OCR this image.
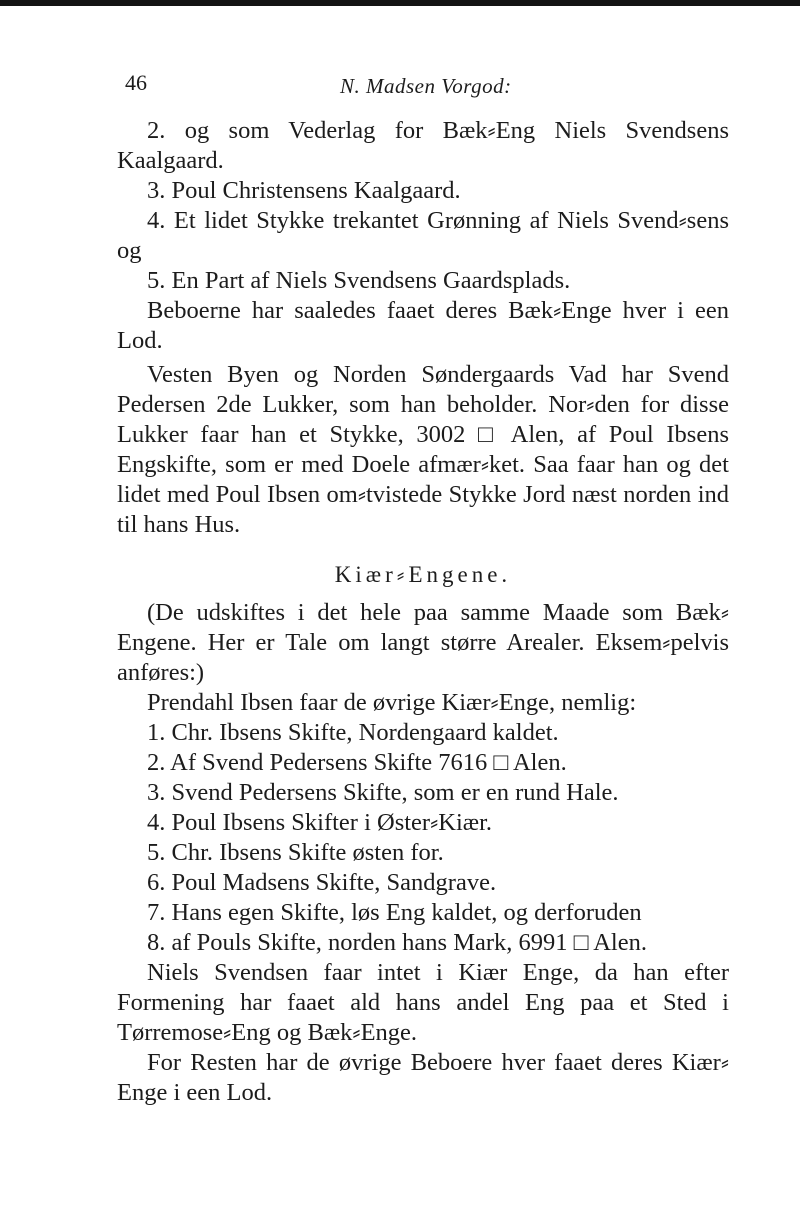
46	N. Madsen Vorgod:

2. og som Vederlag for Bæk⸗Eng Niels Svendsens Kaalgaard.

3. Poul Christensens Kaalgaard.

4. Et lidet Stykke trekantet Grønning af Niels Svend⸗sens og

5. En Part af Niels Svendsens Gaardsplads.

Beboerne har saaledes faaet deres Bæk⸗Enge hver i een Lod.

Vesten Byen og Norden Søndergaards Vad har Svend Pedersen 2de Lukker, som han beholder. Nor⸗den for disse Lukker faar han et Stykke, 3002 □ Alen, af Poul Ibsens Engskifte, som er med Doele afmær⸗ket. Saa faar han og det lidet med Poul Ibsen om⸗tvistede Stykke Jord næst norden ind til hans Hus.

Kiær⸗Engene.

(De udskiftes i det hele paa samme Maade som Bæk⸗Engene. Her er Tale om langt større Arealer. Eksem⸗pelvis anføres:)

Prendahl Ibsen faar de øvrige Kiær⸗Enge, nemlig:

1. Chr. Ibsens Skifte, Nordengaard kaldet.

2. Af Svend Pedersens Skifte 7616 □ Alen.

3. Svend Pedersens Skifte, som er en rund Hale.

4. Poul Ibsens Skifter i Øster⸗Kiær.

5. Chr. Ibsens Skifte østen for.

6. Poul Madsens Skifte, Sandgrave.

7. Hans egen Skifte, løs Eng kaldet, og derforuden

8. af Pouls Skifte, norden hans Mark, 6991 □ Alen.

Niels Svendsen faar intet i Kiær Enge, da han efter Formening har faaet ald hans andel Eng paa et Sted i Tørremose⸗Eng og Bæk⸗Enge.

For Resten har de øvrige Beboere hver faaet deres Kiær⸗Enge i een Lod.
